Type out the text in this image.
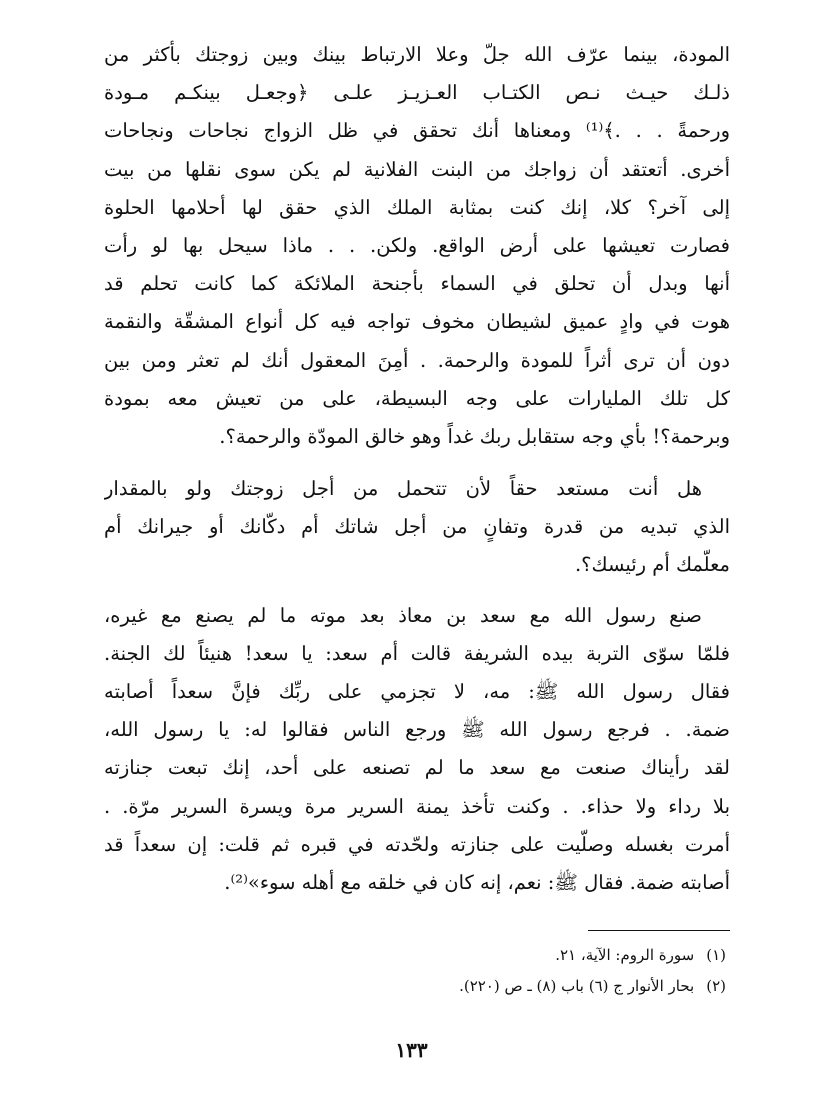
المودة، بينما عرّف الله جلّ وعلا الارتباط بينك وبين زوجتك بأكثر من
ذلـك حيـث نـص الكتـاب العـزيـز علـى ﴿وجعـل بينكـم مـودة
ورحمةً . . .﴾⁽¹⁾ ومعناها أنك تحقق في ظل الزواج نجاحات ونجاحات
أخرى. أتعتقد أن زواجك من البنت الفلانية لم يكن سوى نقلها من بيت
إلى آخر؟ كلا، إنك كنت بمثابة الملك الذي حقق لها أحلامها الحلوة
فصارت تعيشها على أرض الواقع. ولكن. . . ماذا سيحل بها لو رأت
أنها وبدل أن تحلق في السماء بأجنحة الملائكة كما كانت تحلم قد
هوت في وادٍ عميق لشيطان مخوف تواجه فيه كل أنواع المشقّة والنقمة
دون أن ترى أثراً للمودة والرحمة. . أمِنَ المعقول أنك لم تعثر ومن بين
كل تلك المليارات على وجه البسيطة، على من تعيش معه بمودة
وبرحمة؟! بأي وجه ستقابل ربك غداً وهو خالق المودّة والرحمة؟.
هل أنت مستعد حقاً لأن تتحمل من أجل زوجتك ولو بالمقدار
الذي تبديه من قدرة وتفانٍ من أجل شاتك أم دكّانك أو جيرانك أم
معلّمك أم رئيسك؟.
صنع رسول الله مع سعد بن معاذ بعد موته ما لم يصنع مع غيره،
فلمّا سوّى التربة بيده الشريفة قالت أم سعد: يا سعد! هنيئاً لك الجنة.
فقال رسول الله ﷺ: مه، لا تجزمي على ربِّك فإنَّ سعداً أصابته
ضمة. . فرجع رسول الله ﷺ ورجع الناس فقالوا له: يا رسول الله،
لقد رأيناك صنعت مع سعد ما لم تصنعه على أحد، إنك تبعت جنازته
بلا رداء ولا حذاء. . وكنت تأخذ يمنة السرير مرة ويسرة السرير مرّة. .
أمرت بغسله وصلّيت على جنازته ولحّدته في قبره ثم قلت: إن سعداً قد
أصابته ضمة. فقال ﷺ: نعم، إنه كان في خلقه مع أهله سوء»⁽²⁾.
(١)سورة الروم: الآية، ٢١.
(٢)بحار الأنوار ج (٦) باب (٨) ـ ص (٢٢٠).
١٣٣
